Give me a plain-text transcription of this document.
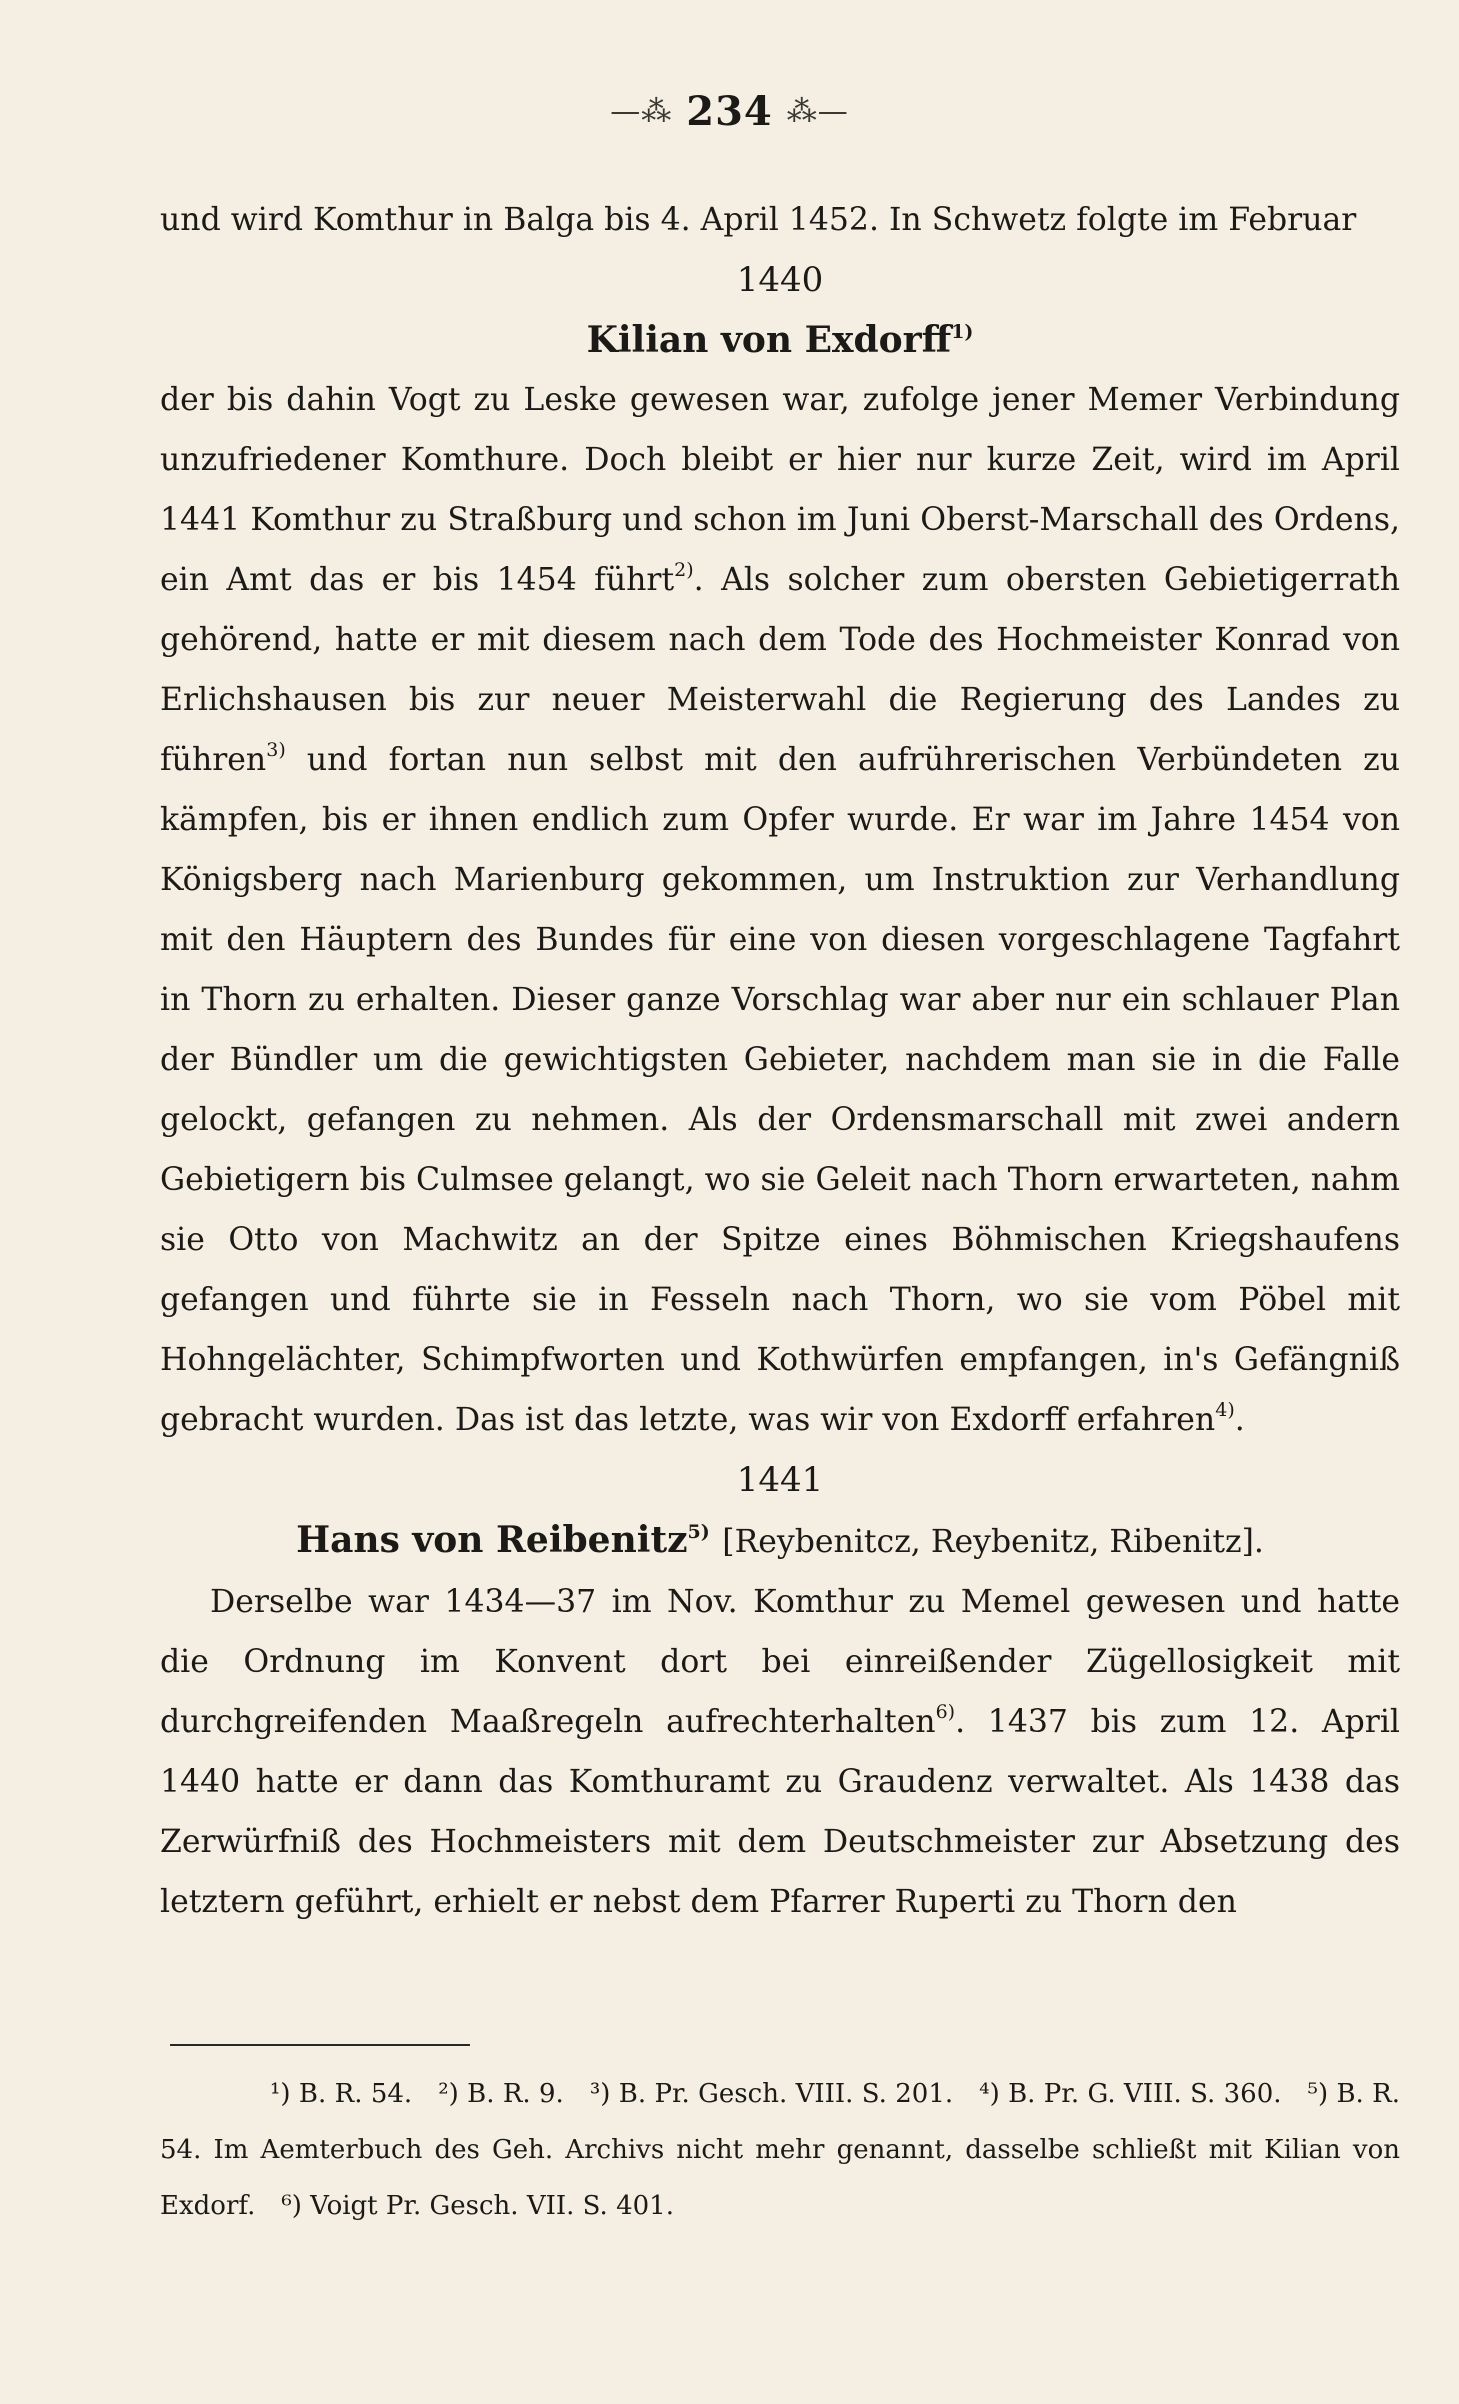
—⁂ 234 ⁂—

und wird Komthur in Balga bis 4. April 1452. In Schwetz folgte im Februar

1440
Kilian von Exdorff$^{1)}$

der bis dahin Vogt zu Leske gewesen war, zufolge jener Memer Verbindung unzufriedener Komthure. Doch bleibt er hier nur kurze Zeit, wird im April 1441 Komthur zu Straßburg und schon im Juni Oberst-Marschall des Ordens, ein Amt das er bis 1454 führt$^{2)}$. Als solcher zum obersten Gebietigerrath gehörend, hatte er mit diesem nach dem Tode des Hochmeister Konrad von Erlichshausen bis zur neuer Meisterwahl die Regierung des Landes zu führen$^{3)}$ und fortan nun selbst mit den aufrührerischen Verbündeten zu kämpfen, bis er ihnen endlich zum Opfer wurde. Er war im Jahre 1454 von Königsberg nach Marienburg gekommen, um Instruktion zur Verhandlung mit den Häuptern des Bundes für eine von diesen vorgeschlagene Tagfahrt in Thorn zu erhalten. Dieser ganze Vorschlag war aber nur ein schlauer Plan der Bündler um die gewichtigsten Gebieter, nachdem man sie in die Falle gelockt, gefangen zu nehmen. Als der Ordensmarschall mit zwei andern Gebietigern bis Culmsee gelangt, wo sie Geleit nach Thorn erwarteten, nahm sie Otto von Machwitz an der Spitze eines Böhmischen Kriegshaufens gefangen und führte sie in Fesseln nach Thorn, wo sie vom Pöbel mit Hohngelächter, Schimpfworten und Kothwürfen empfangen, in's Gefängniß gebracht wurden. Das ist das letzte, was wir von Exdorff erfahren$^{4)}$.

1441
Hans von Reibenitz$^{5)}$ [Reybenitcz, Reybenitz, Ribenitz].

Derselbe war 1434—37 im Nov. Komthur zu Memel gewesen und hatte die Ordnung im Konvent dort bei einreißender Zügellosigkeit mit durchgreifenden Maaßregeln aufrechterhalten$^{6)}$. 1437 bis zum 12. April 1440 hatte er dann das Komthuramt zu Graudenz verwaltet. Als 1438 das Zerwürfniß des Hochmeisters mit dem Deutschmeister zur Absetzung des letztern geführt, erhielt er nebst dem Pfarrer Ruperti zu Thorn den

¹) B. R. 54. ²) B. R. 9. ³) B. Pr. Gesch. VIII. S. 201. ⁴) B. Pr. G. VIII. S. 360. ⁵) B. R. 54. Im Aemterbuch des Geh. Archivs nicht mehr genannt, dasselbe schließt mit Kilian von Exdorf. ⁶) Voigt Pr. Gesch. VII. S. 401.
